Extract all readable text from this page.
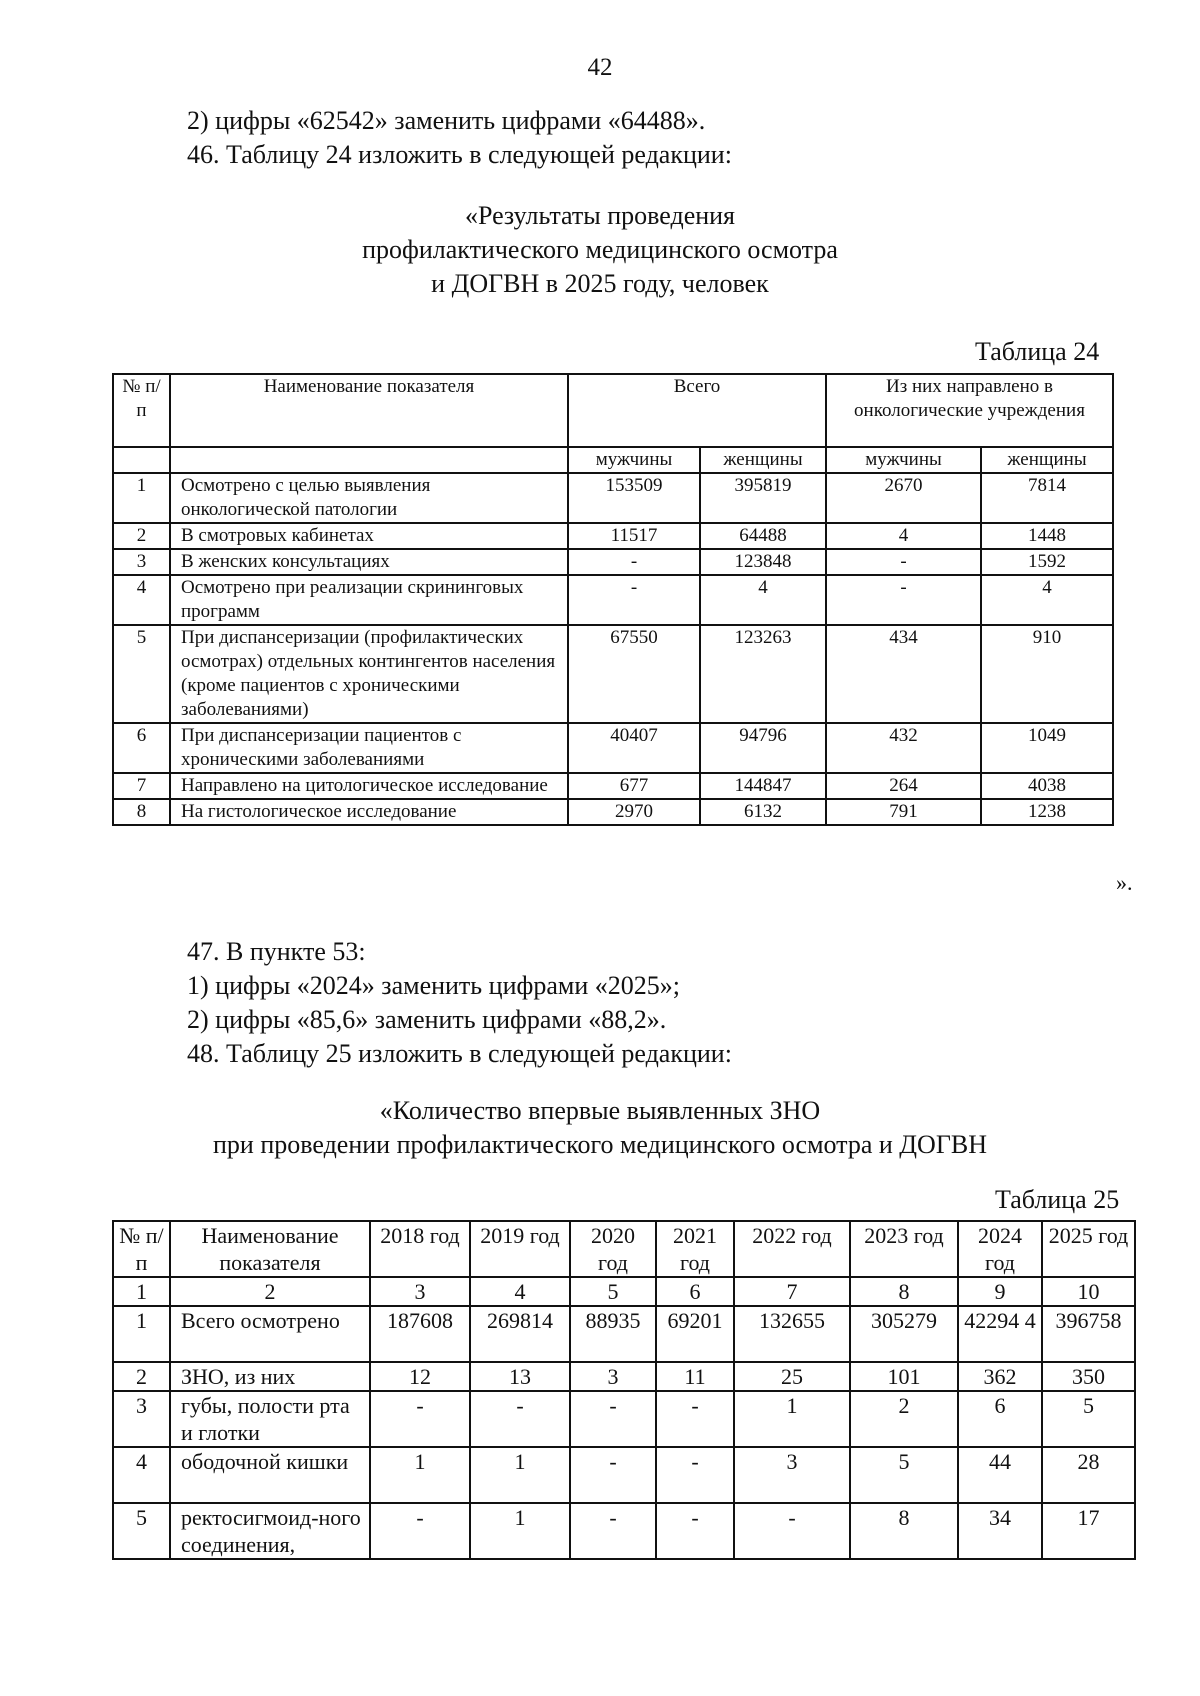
42
2) цифры «62542» заменить цифрами «64488».
46. Таблицу 24 изложить в следующей редакции:
«Результаты проведения
профилактического медицинского осмотра
и ДОГВН в 2025 году, человек
Таблица 24
№ п/п	Наименование показателя	Всего		Из них направлено в онкологические учреждения	
		мужчины	женщины	мужчины	женщины
1	Осмотрено с целью выявления онкологической патологии	153509	395819	2670	7814
2	В смотровых кабинетах	11517	64488	4	1448
3	В женских консультациях	-	123848	-	1592
4	Осмотрено при реализации скрининговых программ	-	4	-	4
5	При диспансеризации (профилактических осмотрах) отдельных контингентов населения (кроме пациентов с хроническими заболеваниями)	67550	123263	434	910
6	При диспансеризации пациентов с хроническими заболеваниями	40407	94796	432	1049
7	Направлено на цитологическое исследование	677	144847	264	4038
8	На гистологическое исследование	2970	6132	791	1238
».
47. В пункте 53:
1) цифры «2024» заменить цифрами «2025»;
2) цифры «85,6» заменить цифрами «88,2».
48. Таблицу 25 изложить в следующей редакции:
«Количество впервые выявленных ЗНО
при проведении профилактического медицинского осмотра и ДОГВН
Таблица 25
№ п/п	Наименование показателя	2018 год	2019 год	2020 год	2021 год	2022 год	2023 год	2024 год	2025 год
1	2	3	4	5	6	7	8	9	10
1	Всего осмотрено	187608	269814	88935	69201	132655	305279	42294 4	396758
2	ЗНО, из них	12	13	3	11	25	101	362	350
3	губы, полости рта и глотки	-	-	-	-	1	2	6	5
4	ободочной кишки	1	1	-	-	3	5	44	28
5	ректосигмоид-ного соединения,	-	1	-	-	-	8	34	17
